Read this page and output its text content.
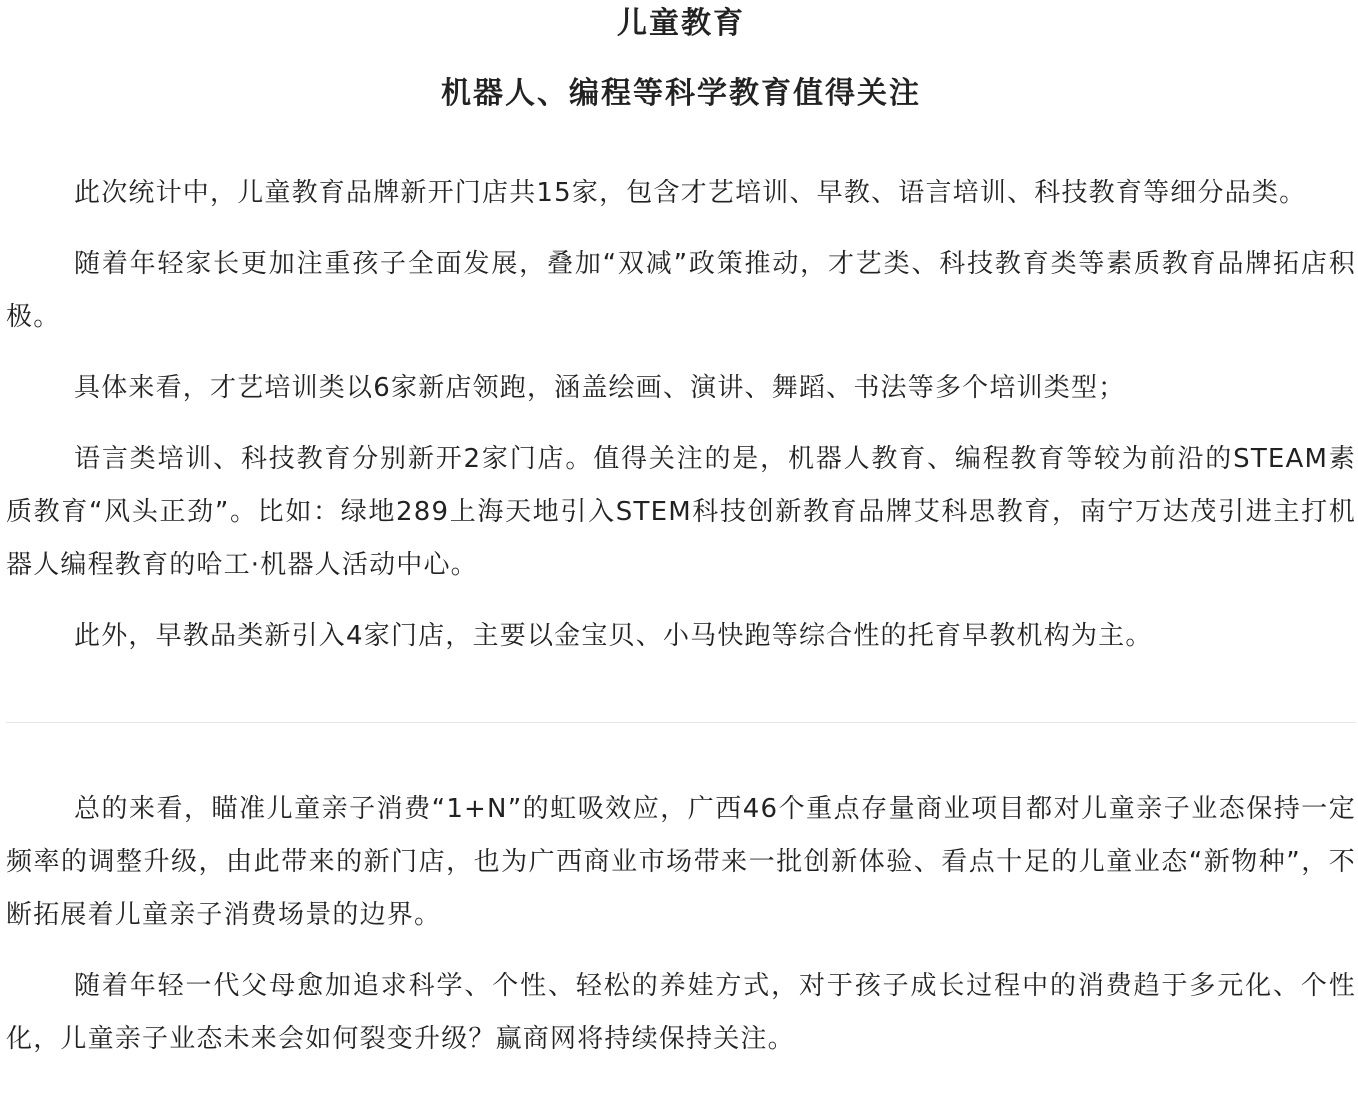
儿童教育
机器人、编程等科学教育值得关注

此次统计中，儿童教育品牌新开门店共15家，包含才艺培训、早教、语言培训、科技教育等细分品类。

随着年轻家长更加注重孩子全面发展，叠加“双减”政策推动，才艺类、科技教育类等素质教育品牌拓店积极。

具体来看，才艺培训类以6家新店领跑，涵盖绘画、演讲、舞蹈、书法等多个培训类型；

语言类培训、科技教育分别新开2家门店。值得关注的是，机器人教育、编程教育等较为前沿的STEAM素质教育“风头正劲”。比如：绿地289上海天地引入STEM科技创新教育品牌艾科思教育，南宁万达茂引进主打机器人编程教育的哈工·机器人活动中心。

此外，早教品类新引入4家门店，主要以金宝贝、小马快跑等综合性的托育早教机构为主。

总的来看，瞄准儿童亲子消费“1+N”的虹吸效应，广西46个重点存量商业项目都对儿童亲子业态保持一定频率的调整升级，由此带来的新门店，也为广西商业市场带来一批创新体验、看点十足的儿童业态“新物种”，不断拓展着儿童亲子消费场景的边界。

随着年轻一代父母愈加追求科学、个性、轻松的养娃方式，对于孩子成长过程中的消费趋于多元化、个性化，儿童亲子业态未来会如何裂变升级？赢商网将持续保持关注。
